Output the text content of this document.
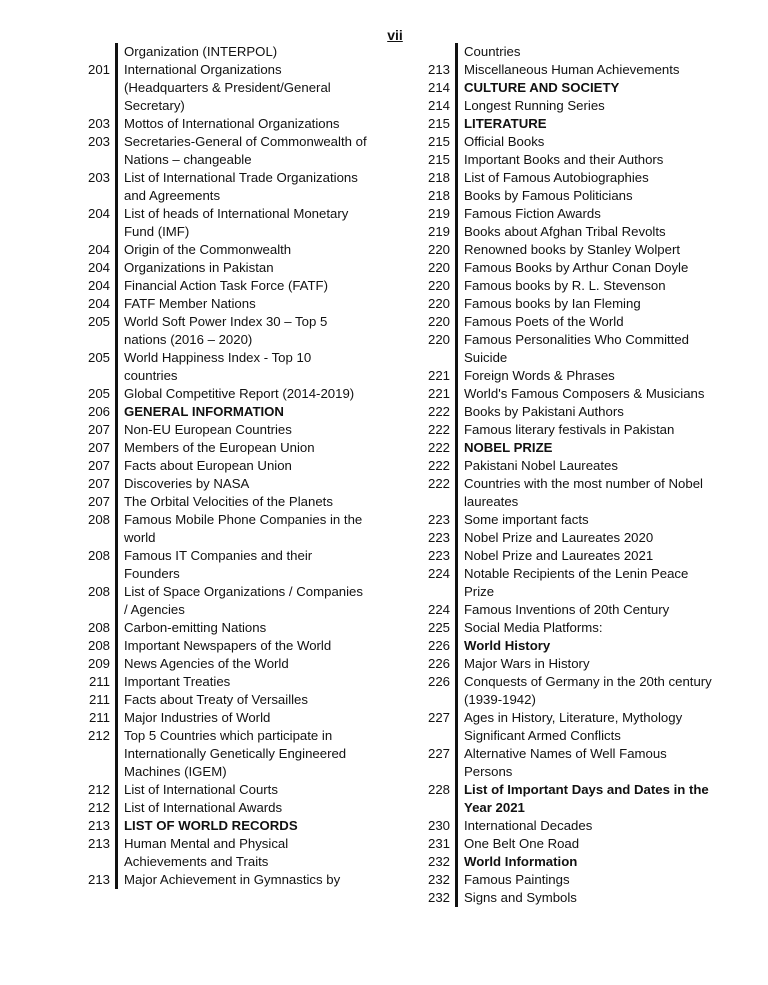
vii
Organization (INTERPOL)
201	International Organizations (Headquarters & President/General Secretary)
203	Mottos of International Organizations
203	Secretaries-General of Commonwealth of Nations – changeable
203	List of International Trade Organizations and Agreements
204	List of heads of International Monetary Fund (IMF)
204	Origin of the Commonwealth
204	Organizations in Pakistan
204	Financial Action Task Force (FATF)
204	FATF Member Nations
205	World Soft Power Index 30 – Top 5 nations (2016 – 2020)
205	World Happiness Index - Top 10 countries
205	Global Competitive Report (2014-2019)
206	GENERAL INFORMATION
207	Non-EU European Countries
207	Members of the European Union
207	Facts about European Union
207	Discoveries by NASA
207	The Orbital Velocities of the Planets
208	Famous Mobile Phone Companies in the world
208	Famous IT Companies and their Founders
208	List of Space Organizations / Companies / Agencies
208	Carbon-emitting Nations
208	Important Newspapers of the World
209	News Agencies of the World
211	Important Treaties
211	Facts about Treaty of Versailles
211	Major Industries of World
212	Top 5 Countries which participate in Internationally Genetically Engineered Machines (IGEM)
212	List of International Courts
212	List of International Awards
213	LIST OF WORLD RECORDS
213	Human Mental and Physical Achievements and Traits
213	Major Achievement in Gymnastics by
Countries
213	Miscellaneous Human Achievements
214	CULTURE AND SOCIETY
214	Longest Running Series
215	LITERATURE
215	Official Books
215	Important Books and their Authors
218	List of Famous Autobiographies
218	Books by Famous Politicians
219	Famous Fiction Awards
219	Books about Afghan Tribal Revolts
220	Renowned books by Stanley Wolpert
220	Famous Books by Arthur Conan Doyle
220	Famous books by R. L. Stevenson
220	Famous books by Ian Fleming
220	Famous Poets of the World
220	Famous Personalities Who Committed Suicide
221	Foreign Words & Phrases
221	World's Famous Composers & Musicians
222	Books by Pakistani Authors
222	Famous literary festivals in Pakistan
222	NOBEL PRIZE
222	Pakistani Nobel Laureates
222	Countries with the most number of Nobel laureates
223	Some important facts
223	Nobel Prize and Laureates 2020
223	Nobel Prize and Laureates 2021
224	Notable Recipients of the Lenin Peace Prize
224	Famous Inventions of 20th Century
225	Social Media Platforms:
226	World History
226	Major Wars in History
226	Conquests of Germany in the 20th century (1939-1942)
227	Ages in History, Literature, Mythology Significant Armed Conflicts
227	Alternative Names of Well Famous Persons
228	List of Important Days and Dates in the Year 2021
230	International Decades
231	One Belt One Road
232	World Information
232	Famous Paintings
232	Signs and Symbols
